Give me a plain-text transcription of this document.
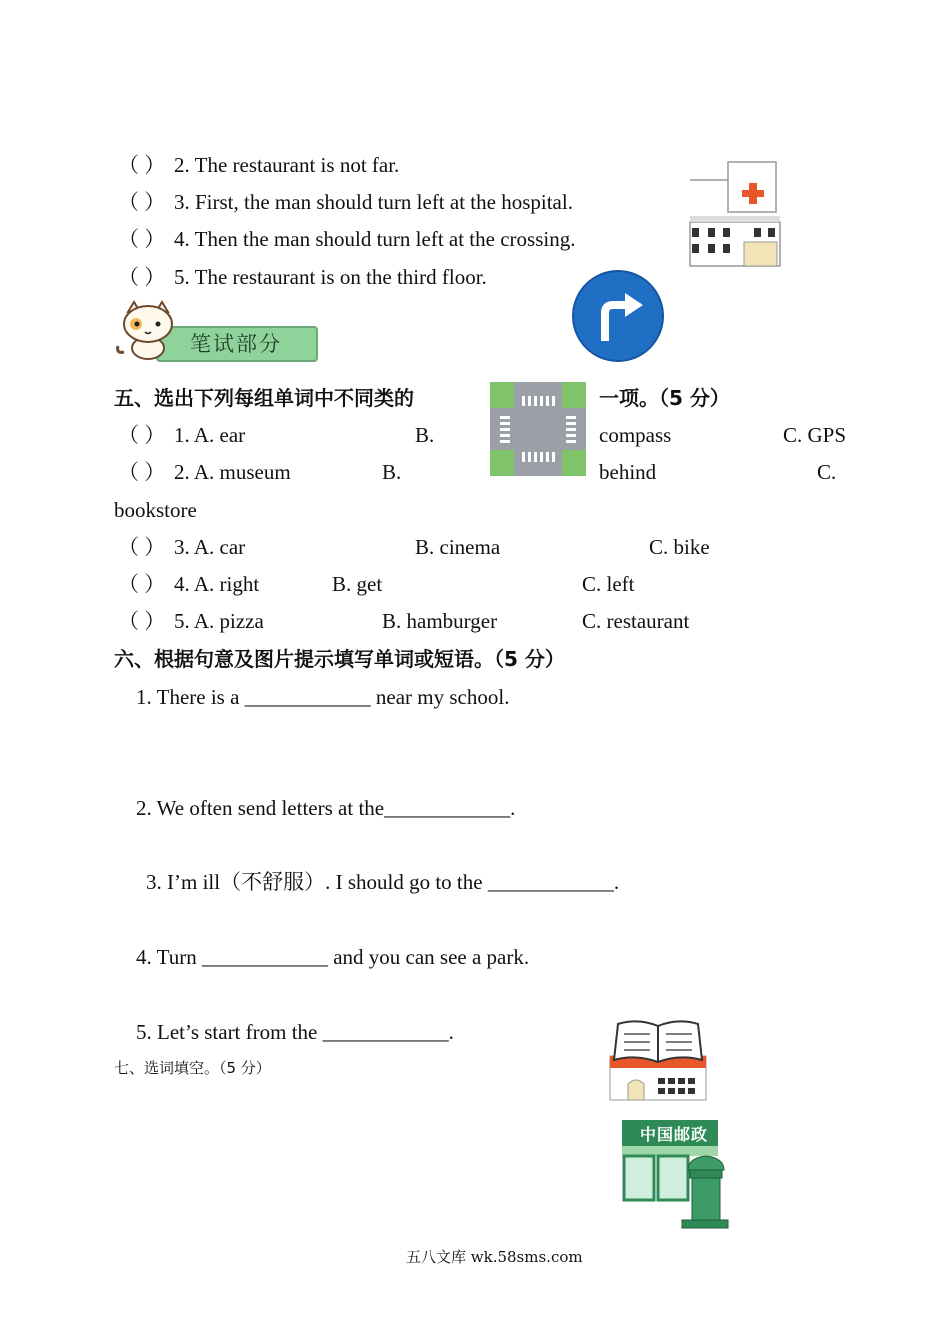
（ ） 2. The restaurant is not far.
（ ） 3. First, the man should turn left at the hospital.
（ ） 4. Then the man should turn left at the crossing.
（ ） 5. The restaurant is on the third floor.
笔试部分
五、选出下列每组单词中不同类的	一项。（5 分）
（ ） 1. A. ear	B.	compass	C. GPS
（ ） 2. A. museum	B.	behind	C.
bookstore
（ ） 3. A. car	B. cinema	C. bike
（ ） 4. A. right	B. get	C. left
（ ） 5. A. pizza	B. hamburger	C. restaurant
六、根据句意及图片提示填写单词或短语。（5 分）
1. There is a ____________ near my school.
2. We often send letters at the____________.
3. I’m ill（不舒服）. I should go to the ____________.
4. Turn ____________ and you can see a park.
5. Let’s start from the ____________.
七、选词填空。（5 分）
中国邮政
五八文库 wk.58sms.com
